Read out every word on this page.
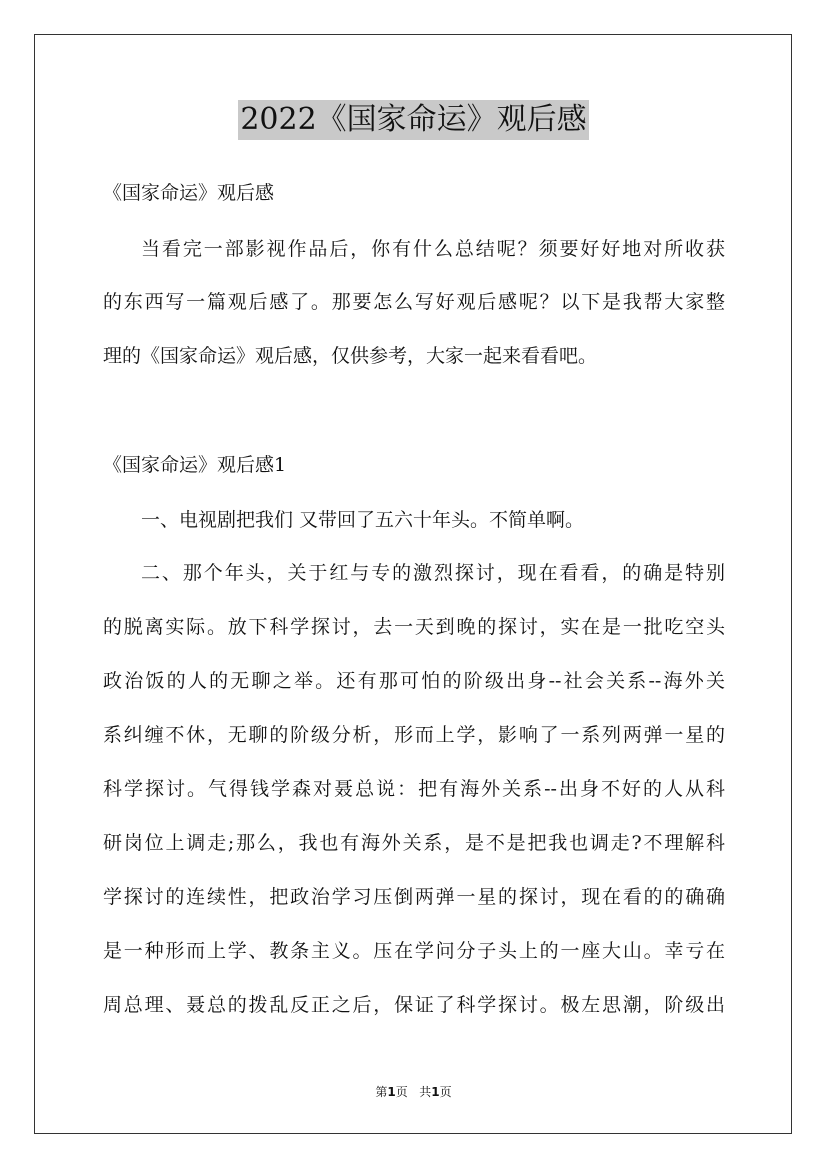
2022《国家命运》观后感
《国家命运》观后感
当看完一部影视作品后，你有什么总结呢？须要好好地对所收获
的东西写一篇观后感了。那要怎么写好观后感呢？以下是我帮大家整
理的《国家命运》观后感，仅供参考，大家一起来看看吧。
《国家命运》观后感1
一、电视剧把我们 又带回了五六十年头。不简单啊。
二、那个年头，关于红与专的激烈探讨，现在看看，的确是特别
的脱离实际。放下科学探讨，去一天到晚的探讨，实在是一批吃空头
政治饭的人的无聊之举。还有那可怕的阶级出身--社会关系--海外关
系纠缠不休，无聊的阶级分析，形而上学，影响了一系列两弹一星的
科学探讨。气得钱学森对聂总说：把有海外关系--出身不好的人从科
研岗位上调走;那么，我也有海外关系，是不是把我也调走?不理解科
学探讨的连续性，把政治学习压倒两弹一星的探讨，现在看的的确确
是一种形而上学、教条主义。压在学问分子头上的一座大山。幸亏在
周总理、聂总的拨乱反正之后，保证了科学探讨。极左思潮，阶级出
第1页 共1页
